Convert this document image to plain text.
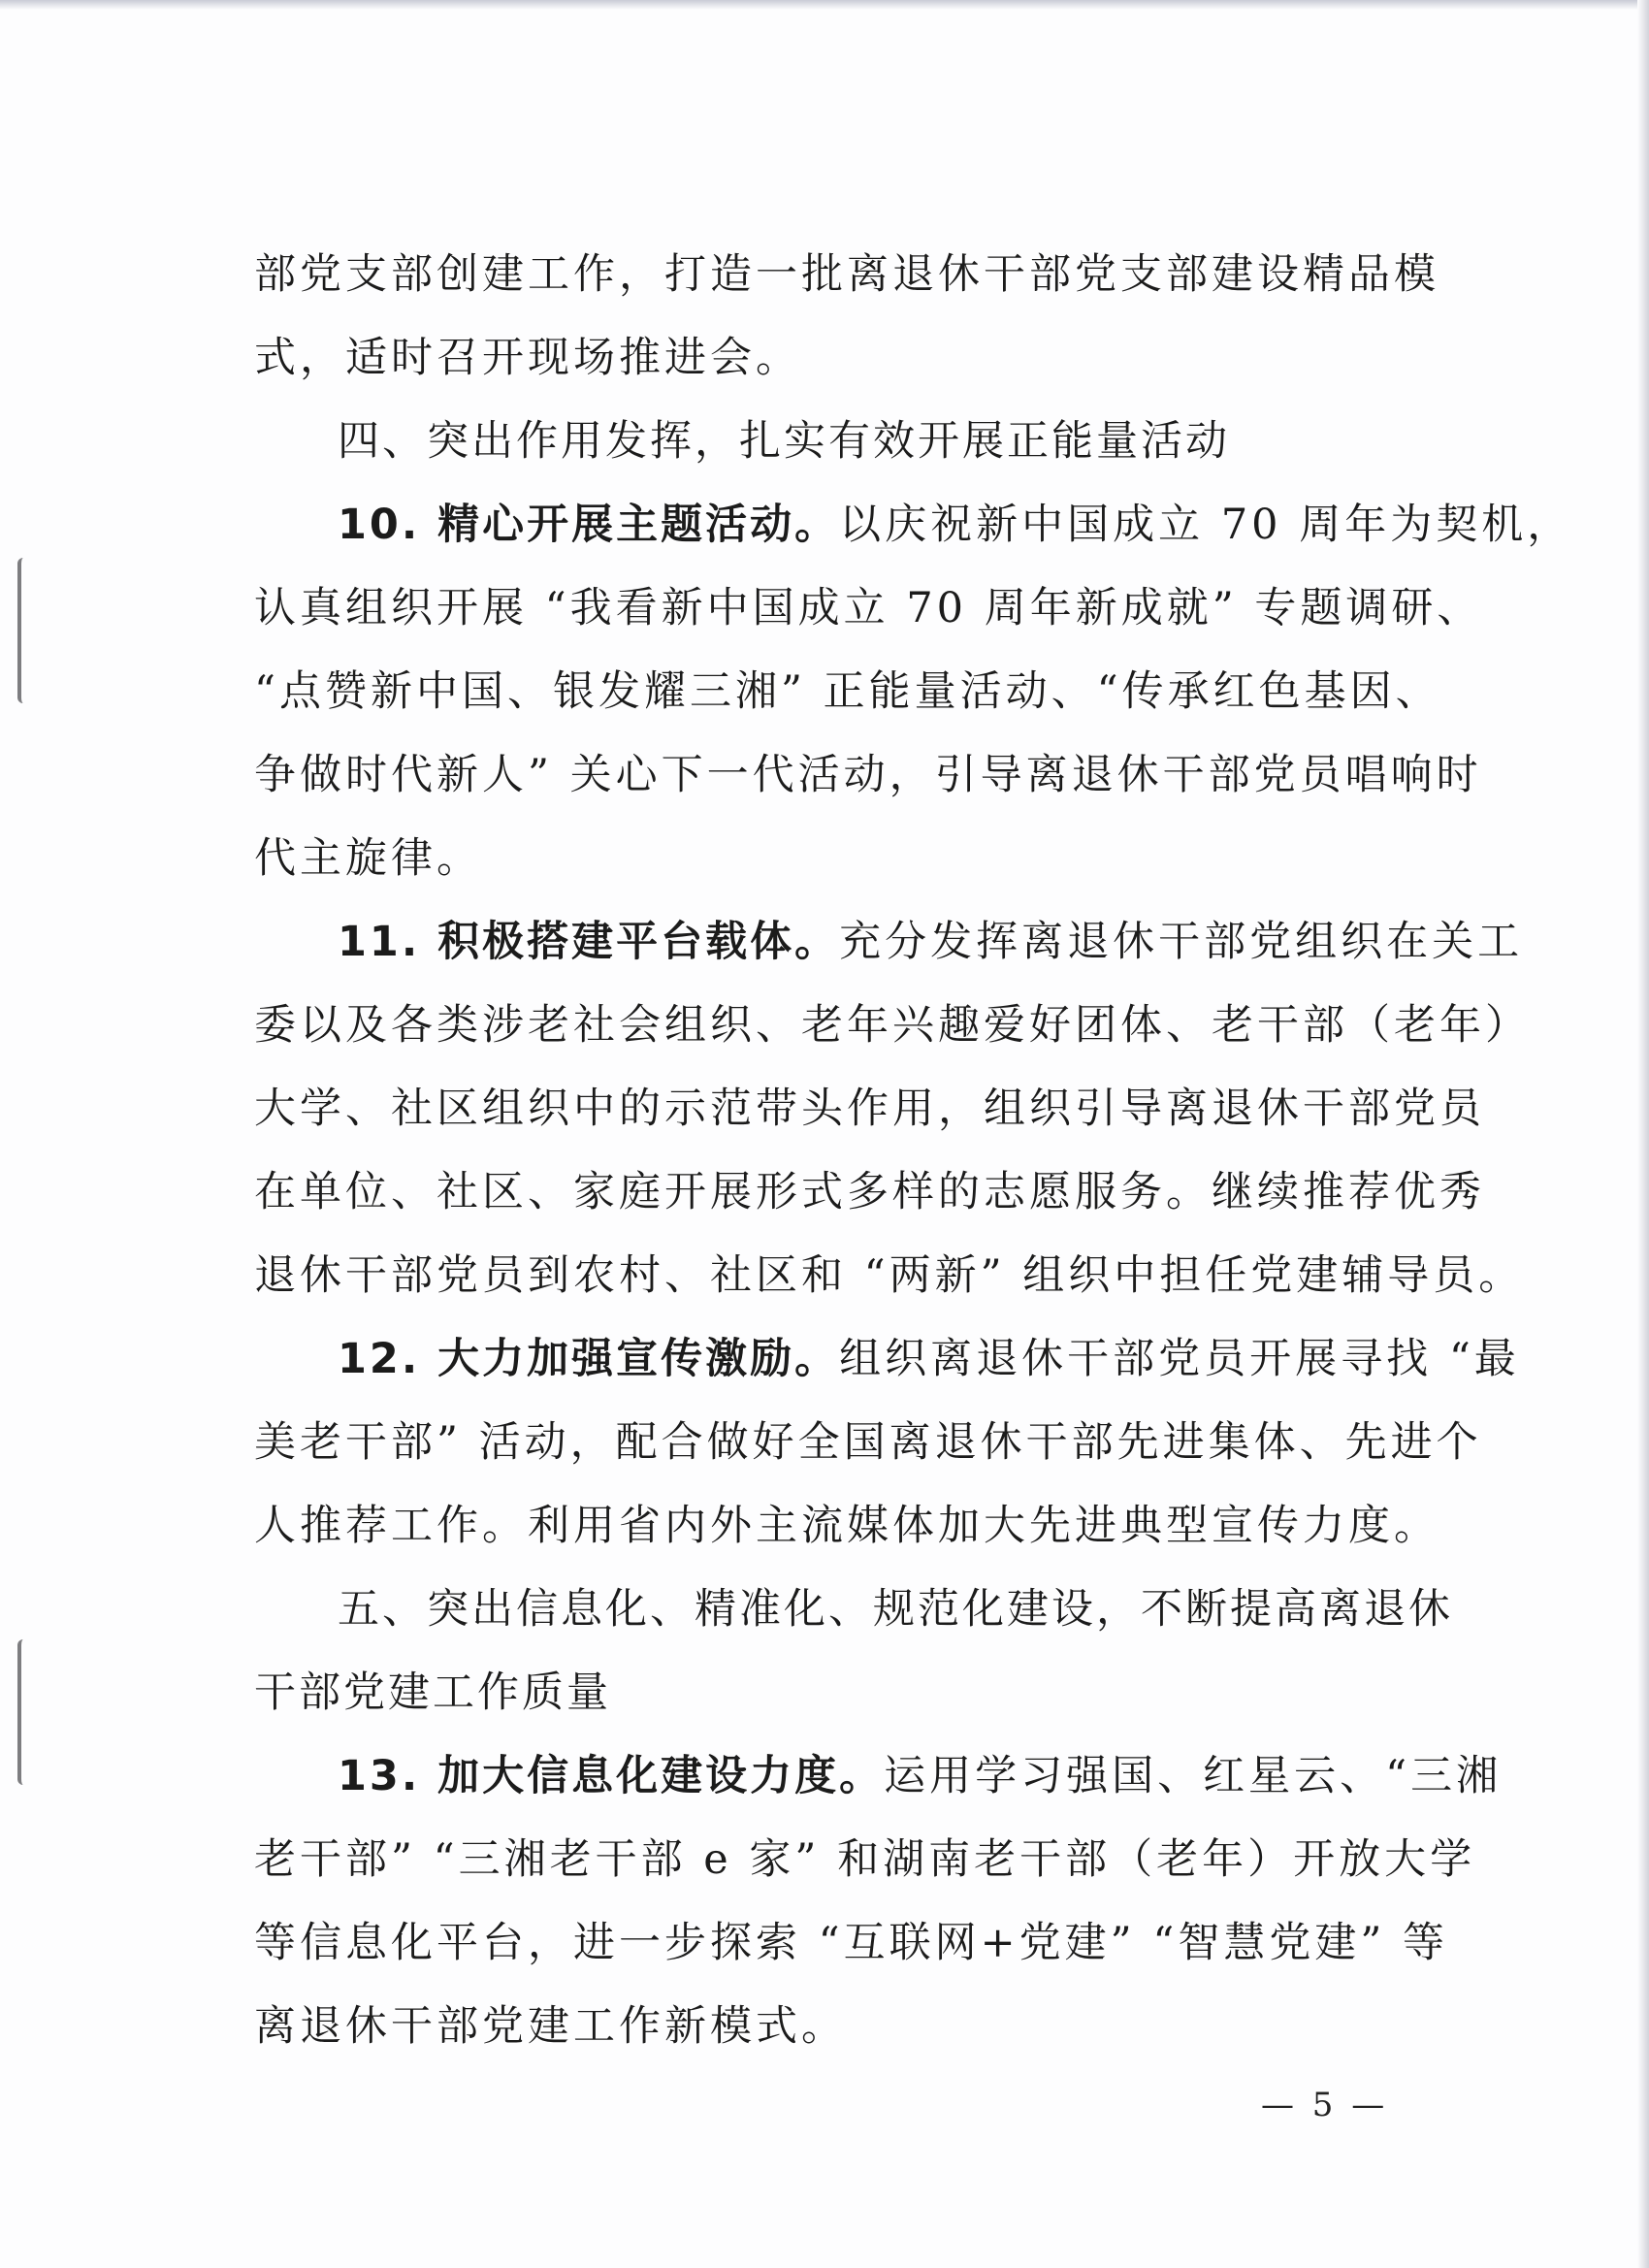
部党支部创建工作，打造一批离退休干部党支部建设精品模
式，适时召开现场推进会。
四、突出作用发挥，扎实有效开展正能量活动
10. 精心开展主题活动。以庆祝新中国成立 70 周年为契机，
认真组织开展 “我看新中国成立 70 周年新成就” 专题调研、
“点赞新中国、银发耀三湘” 正能量活动、“传承红色基因、
争做时代新人” 关心下一代活动，引导离退休干部党员唱响时
代主旋律。
11. 积极搭建平台载体。充分发挥离退休干部党组织在关工
委以及各类涉老社会组织、老年兴趣爱好团体、老干部（老年）
大学、社区组织中的示范带头作用，组织引导离退休干部党员
在单位、社区、家庭开展形式多样的志愿服务。继续推荐优秀
退休干部党员到农村、社区和 “两新” 组织中担任党建辅导员。
12. 大力加强宣传激励。组织离退休干部党员开展寻找 “最
美老干部” 活动，配合做好全国离退休干部先进集体、先进个
人推荐工作。利用省内外主流媒体加大先进典型宣传力度。
五、突出信息化、精准化、规范化建设，不断提高离退休
干部党建工作质量
13. 加大信息化建设力度。运用学习强国、红星云、“三湘
老干部” “三湘老干部 e 家” 和湖南老干部（老年）开放大学
等信息化平台，进一步探索 “互联网+党建” “智慧党建” 等
离退休干部党建工作新模式。
— 5 —
